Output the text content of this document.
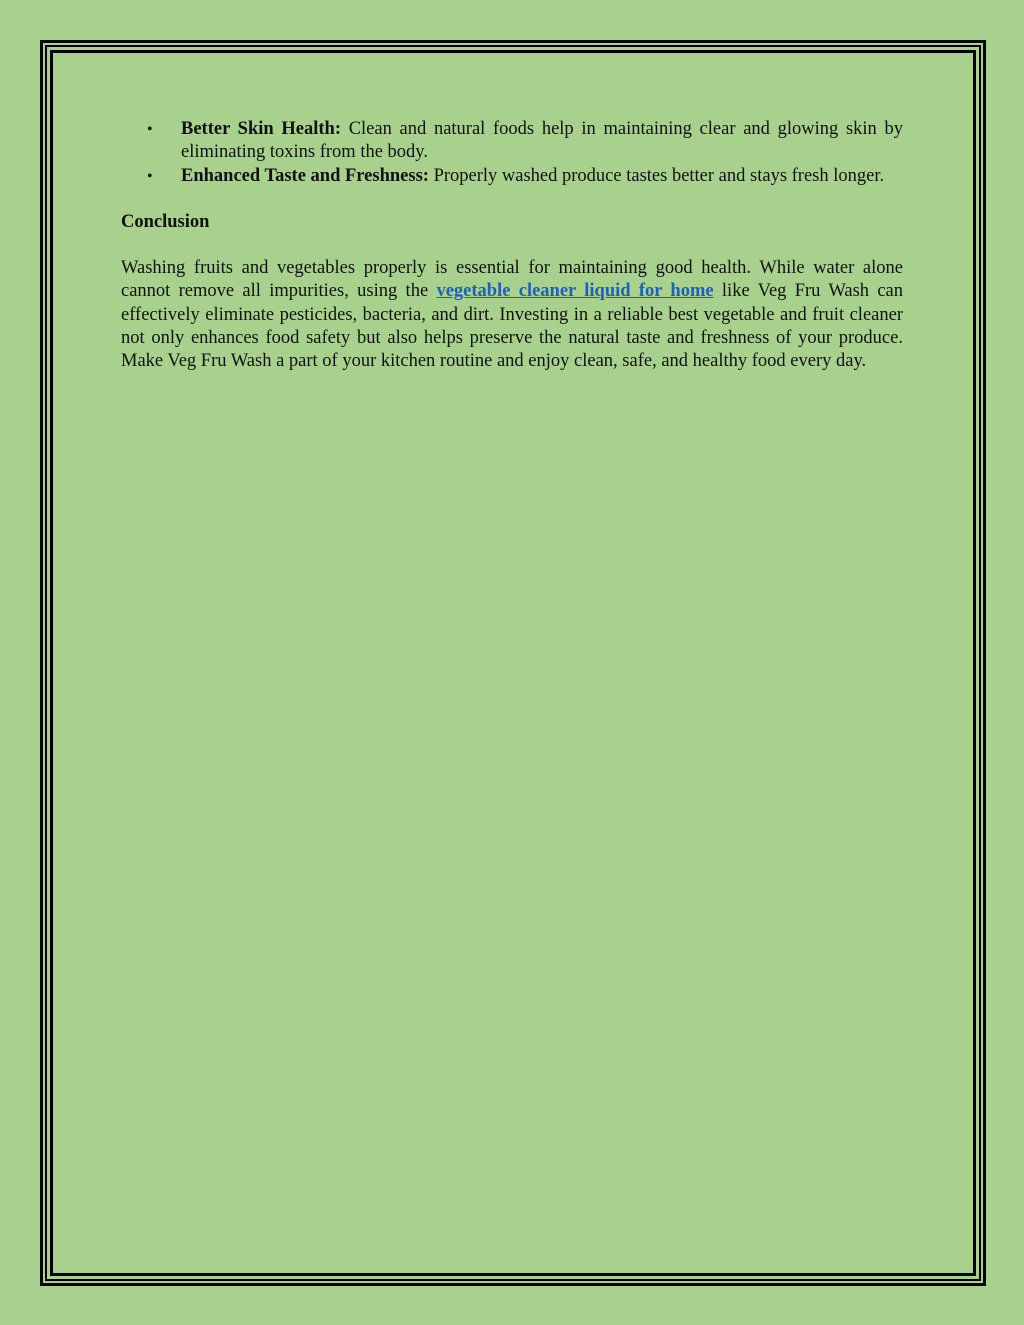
• Better Skin Health: Clean and natural foods help in maintaining clear and glowing skin by eliminating toxins from the body.
• Enhanced Taste and Freshness: Properly washed produce tastes better and stays fresh longer.
Conclusion

Washing fruits and vegetables properly is essential for maintaining good health. While water alone cannot remove all impurities, using the vegetable cleaner liquid for home like Veg Fru Wash can effectively eliminate pesticides, bacteria, and dirt. Investing in a reliable best vegetable and fruit cleaner not only enhances food safety but also helps preserve the natural taste and freshness of your produce. Make Veg Fru Wash a part of your kitchen routine and enjoy clean, safe, and healthy food every day.
